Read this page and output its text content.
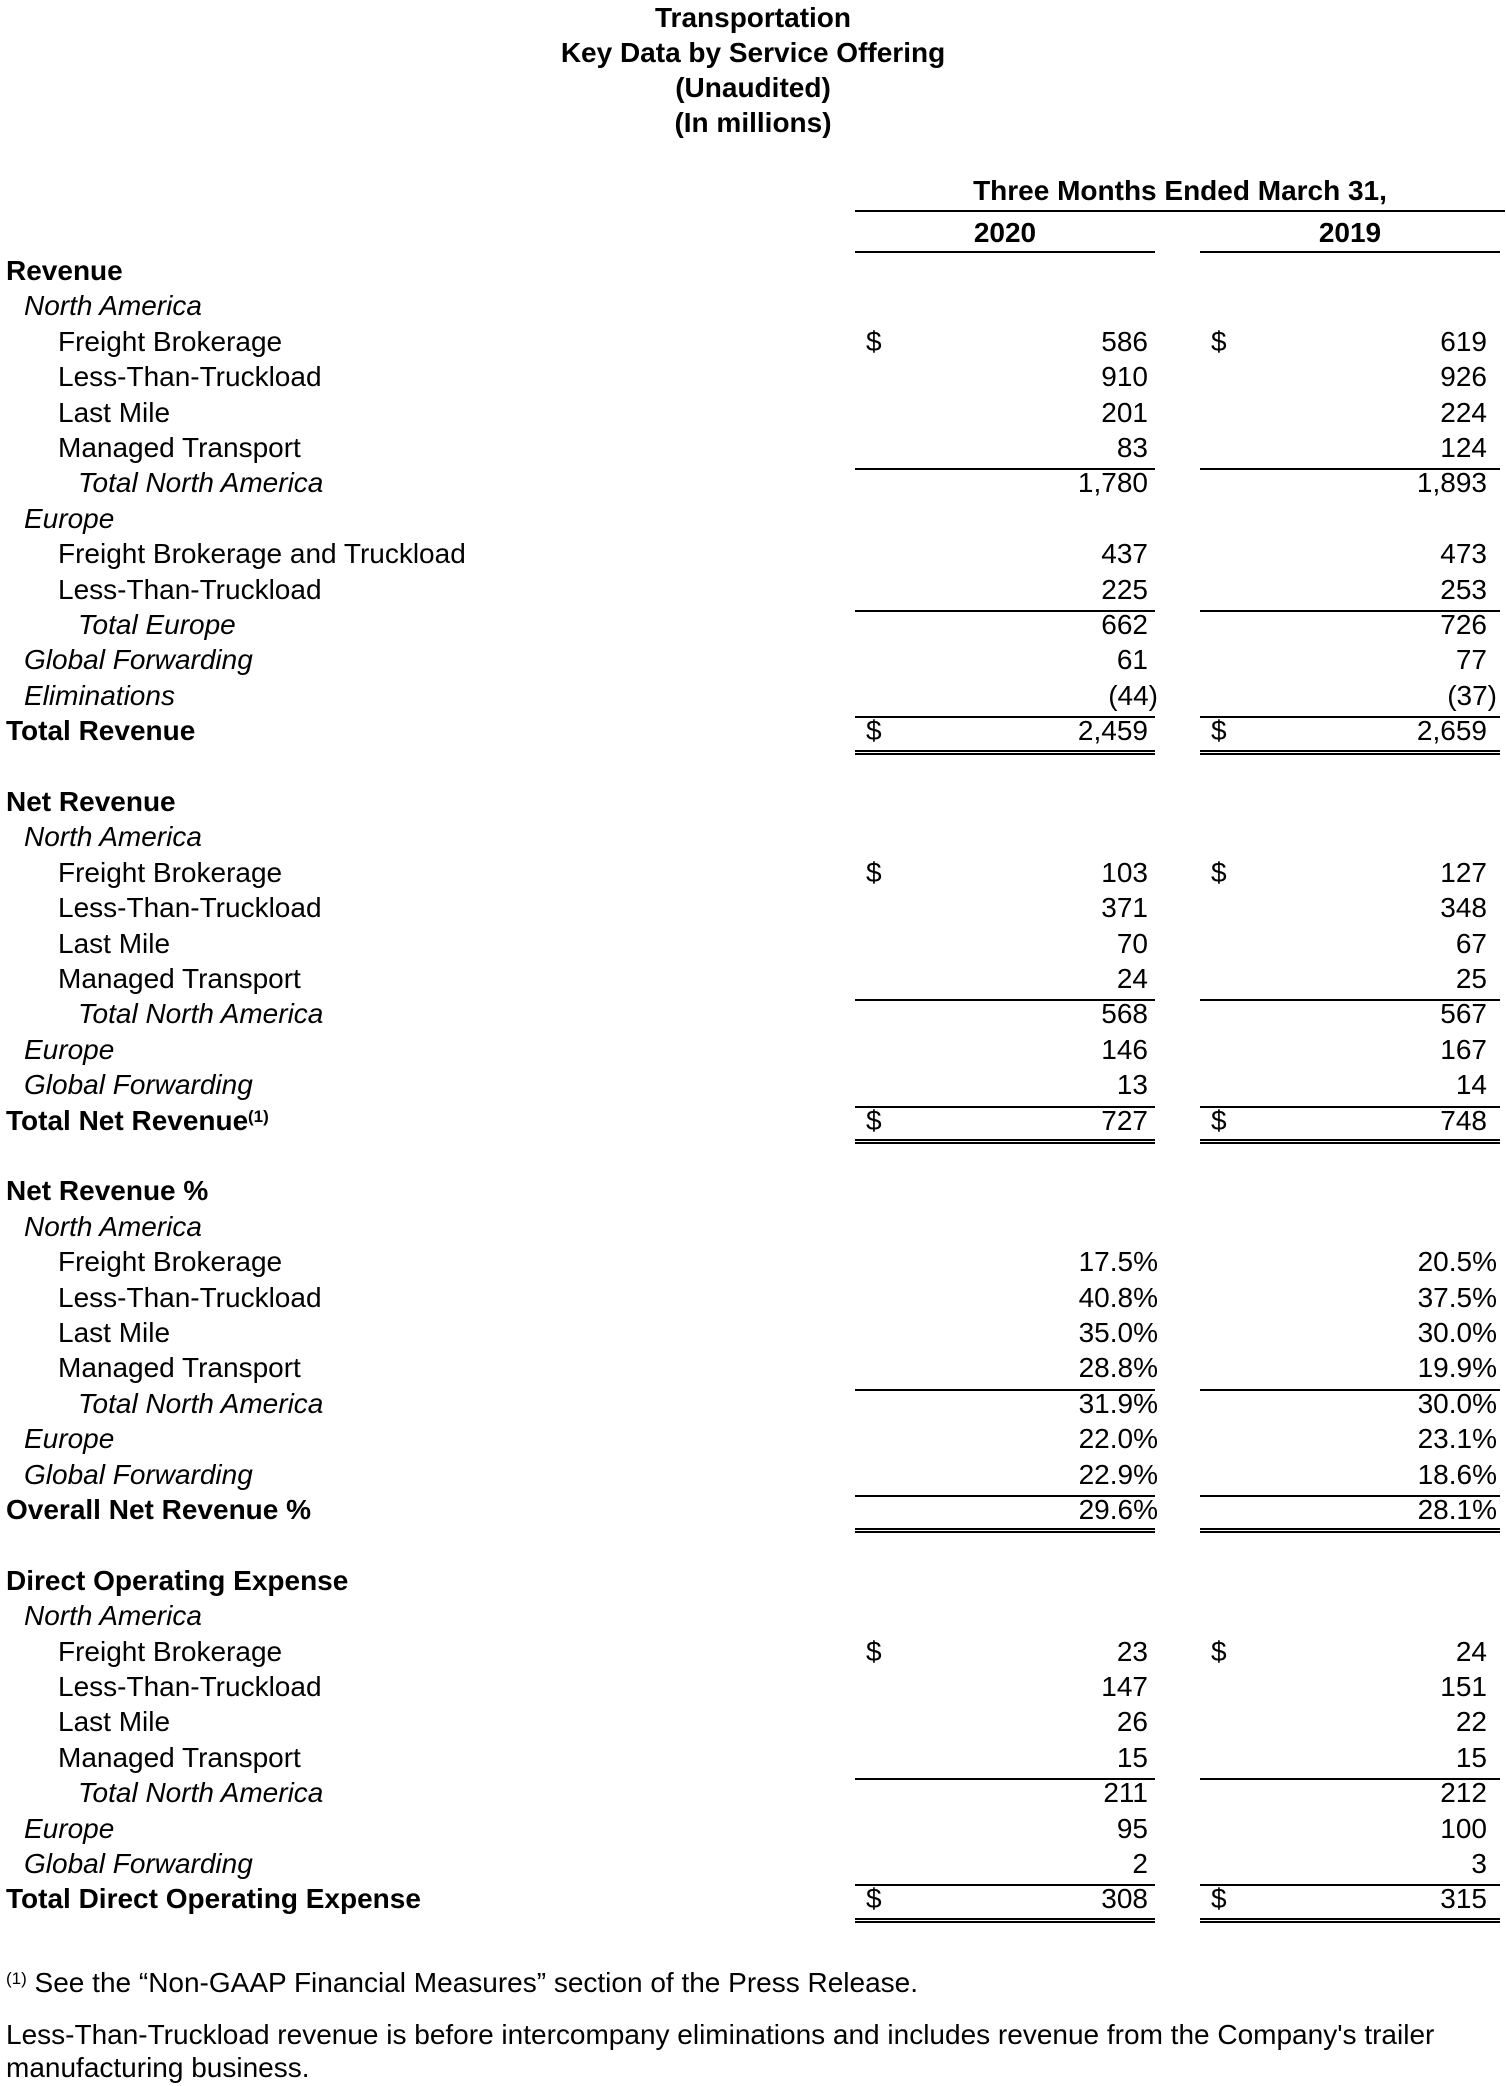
Transportation
Key Data by Service Offering
(Unaudited)
(In millions)
Three Months Ended March 31,
2020	2019
Revenue
North America
Freight Brokerage	$	586 $	619
Less-Than-Truckload	910	926
Last Mile	201	224
Managed Transport	83	124
Total North America	1,780	1,893
Europe
Freight Brokerage and Truckload	437	473
Less-Than-Truckload	225	253
Total Europe	662	726
Global Forwarding	61	77
Eliminations	(44)	(37)
Total Revenue	$	2,459 $	2,659
Net Revenue
North America
Freight Brokerage	$	103 $	127
Less-Than-Truckload	371	348
Last Mile	70	67
Managed Transport	24	25
Total North America	568	567
Europe	146	167
Global Forwarding	13	14
Total Net Revenue $^{(1)}$	$	727 $	748
Net Revenue %
North America
Freight Brokerage	17.5%	20.5%
Less-Than-Truckload	40.8%	37.5%
Last Mile	35.0%	30.0%
Managed Transport	28.8%	19.9%
Total North America	31.9%	30.0%
Europe	22.0%	23.1%
Global Forwarding	22.9%	18.6%
Overall Net Revenue %	29.6%	28.1%
Direct Operating Expense
North America
Freight Brokerage	$	23 $	24
Less-Than-Truckload	147	151
Last Mile	26	22
Managed Transport	15	15
Total North America	211	212
Europe	95	100
Global Forwarding	2	3
Total Direct Operating Expense	$	308 $	315
$^{(1)}$ See the “Non-GAAP Financial Measures” section of the Press Release.
Less-Than-Truckload revenue is before intercompany eliminations and includes revenue from the Company's trailer manufacturing business.
